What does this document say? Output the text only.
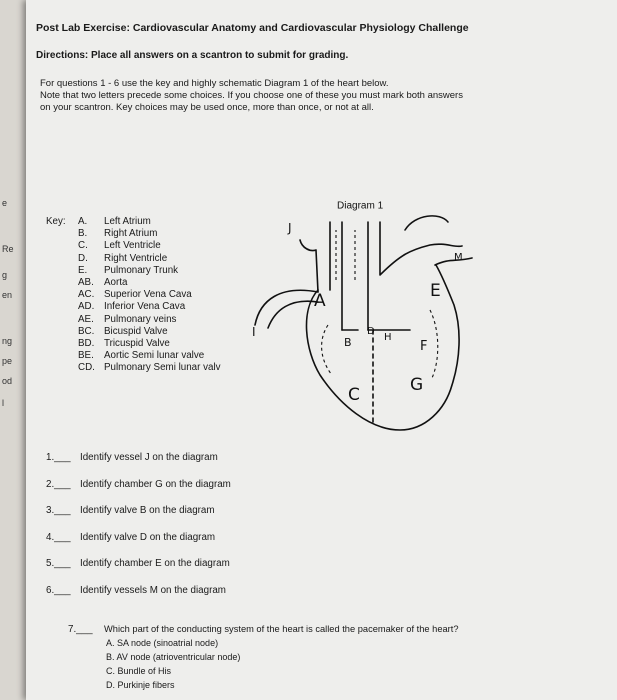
e
Re
g
en
ng
pe
od
l
Post Lab Exercise: Cardiovascular Anatomy and Cardiovascular Physiology Challenge
Directions: Place all answers on a scantron to submit for grading.
For questions 1 - 6 use the key and highly schematic Diagram 1 of the heart below.
Note that two letters precede some choices. If you choose one of these you must mark both answers
on your scantron. Key choices may be used once, more than once, or not at all.
Key: A. Left Atrium
B. Right Atrium
C. Left Ventricle
D. Right Ventricle
E. Pulmonary Trunk
AB. Aorta
AC. Superior Vena Cava
AD. Inferior Vena Cava
AE. Pulmonary veins
BC. Bicuspid Valve
BD. Tricuspid Valve
BE. Aortic Semi lunar valve
CD. Pulmonary Semi lunar valv
1.___ Identify vessel J on the diagram
2.___ Identify chamber G on the diagram
3.___ Identify valve B on the diagram
4.___ Identify valve D on the diagram
5.___ Identify chamber E on the diagram
6.___ Identify vessels M on the diagram
7.___ Which part of the conducting system of the heart is called the pacemaker of the heart?
A. SA node (sinoatrial node)
B. AV node (atrioventricular node)
C. Bundle of His
D. Purkinje fibers
Diagram 1
J
M
A	E
I
B
D
H
F
C	G
